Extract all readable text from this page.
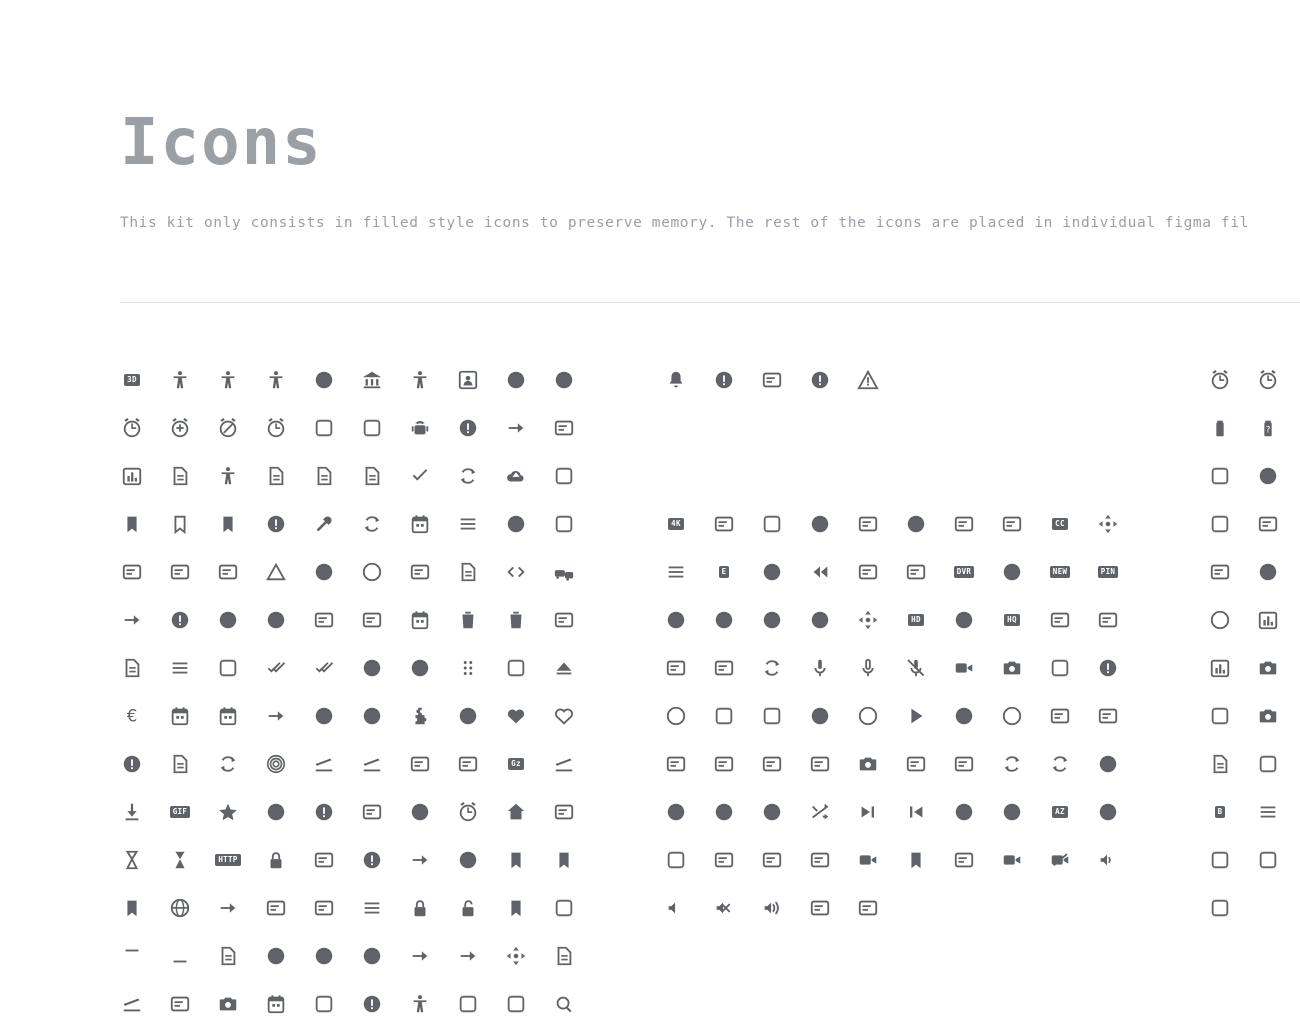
Icons

This kit only consists in filled style icons to preserve memory. The rest of the icons are placed in individual figma fil

3D
€
Gz
GIF
HTTP
4K	CC
E	DVR	NEW	PIN
HD	HQ
AZ
?
B
